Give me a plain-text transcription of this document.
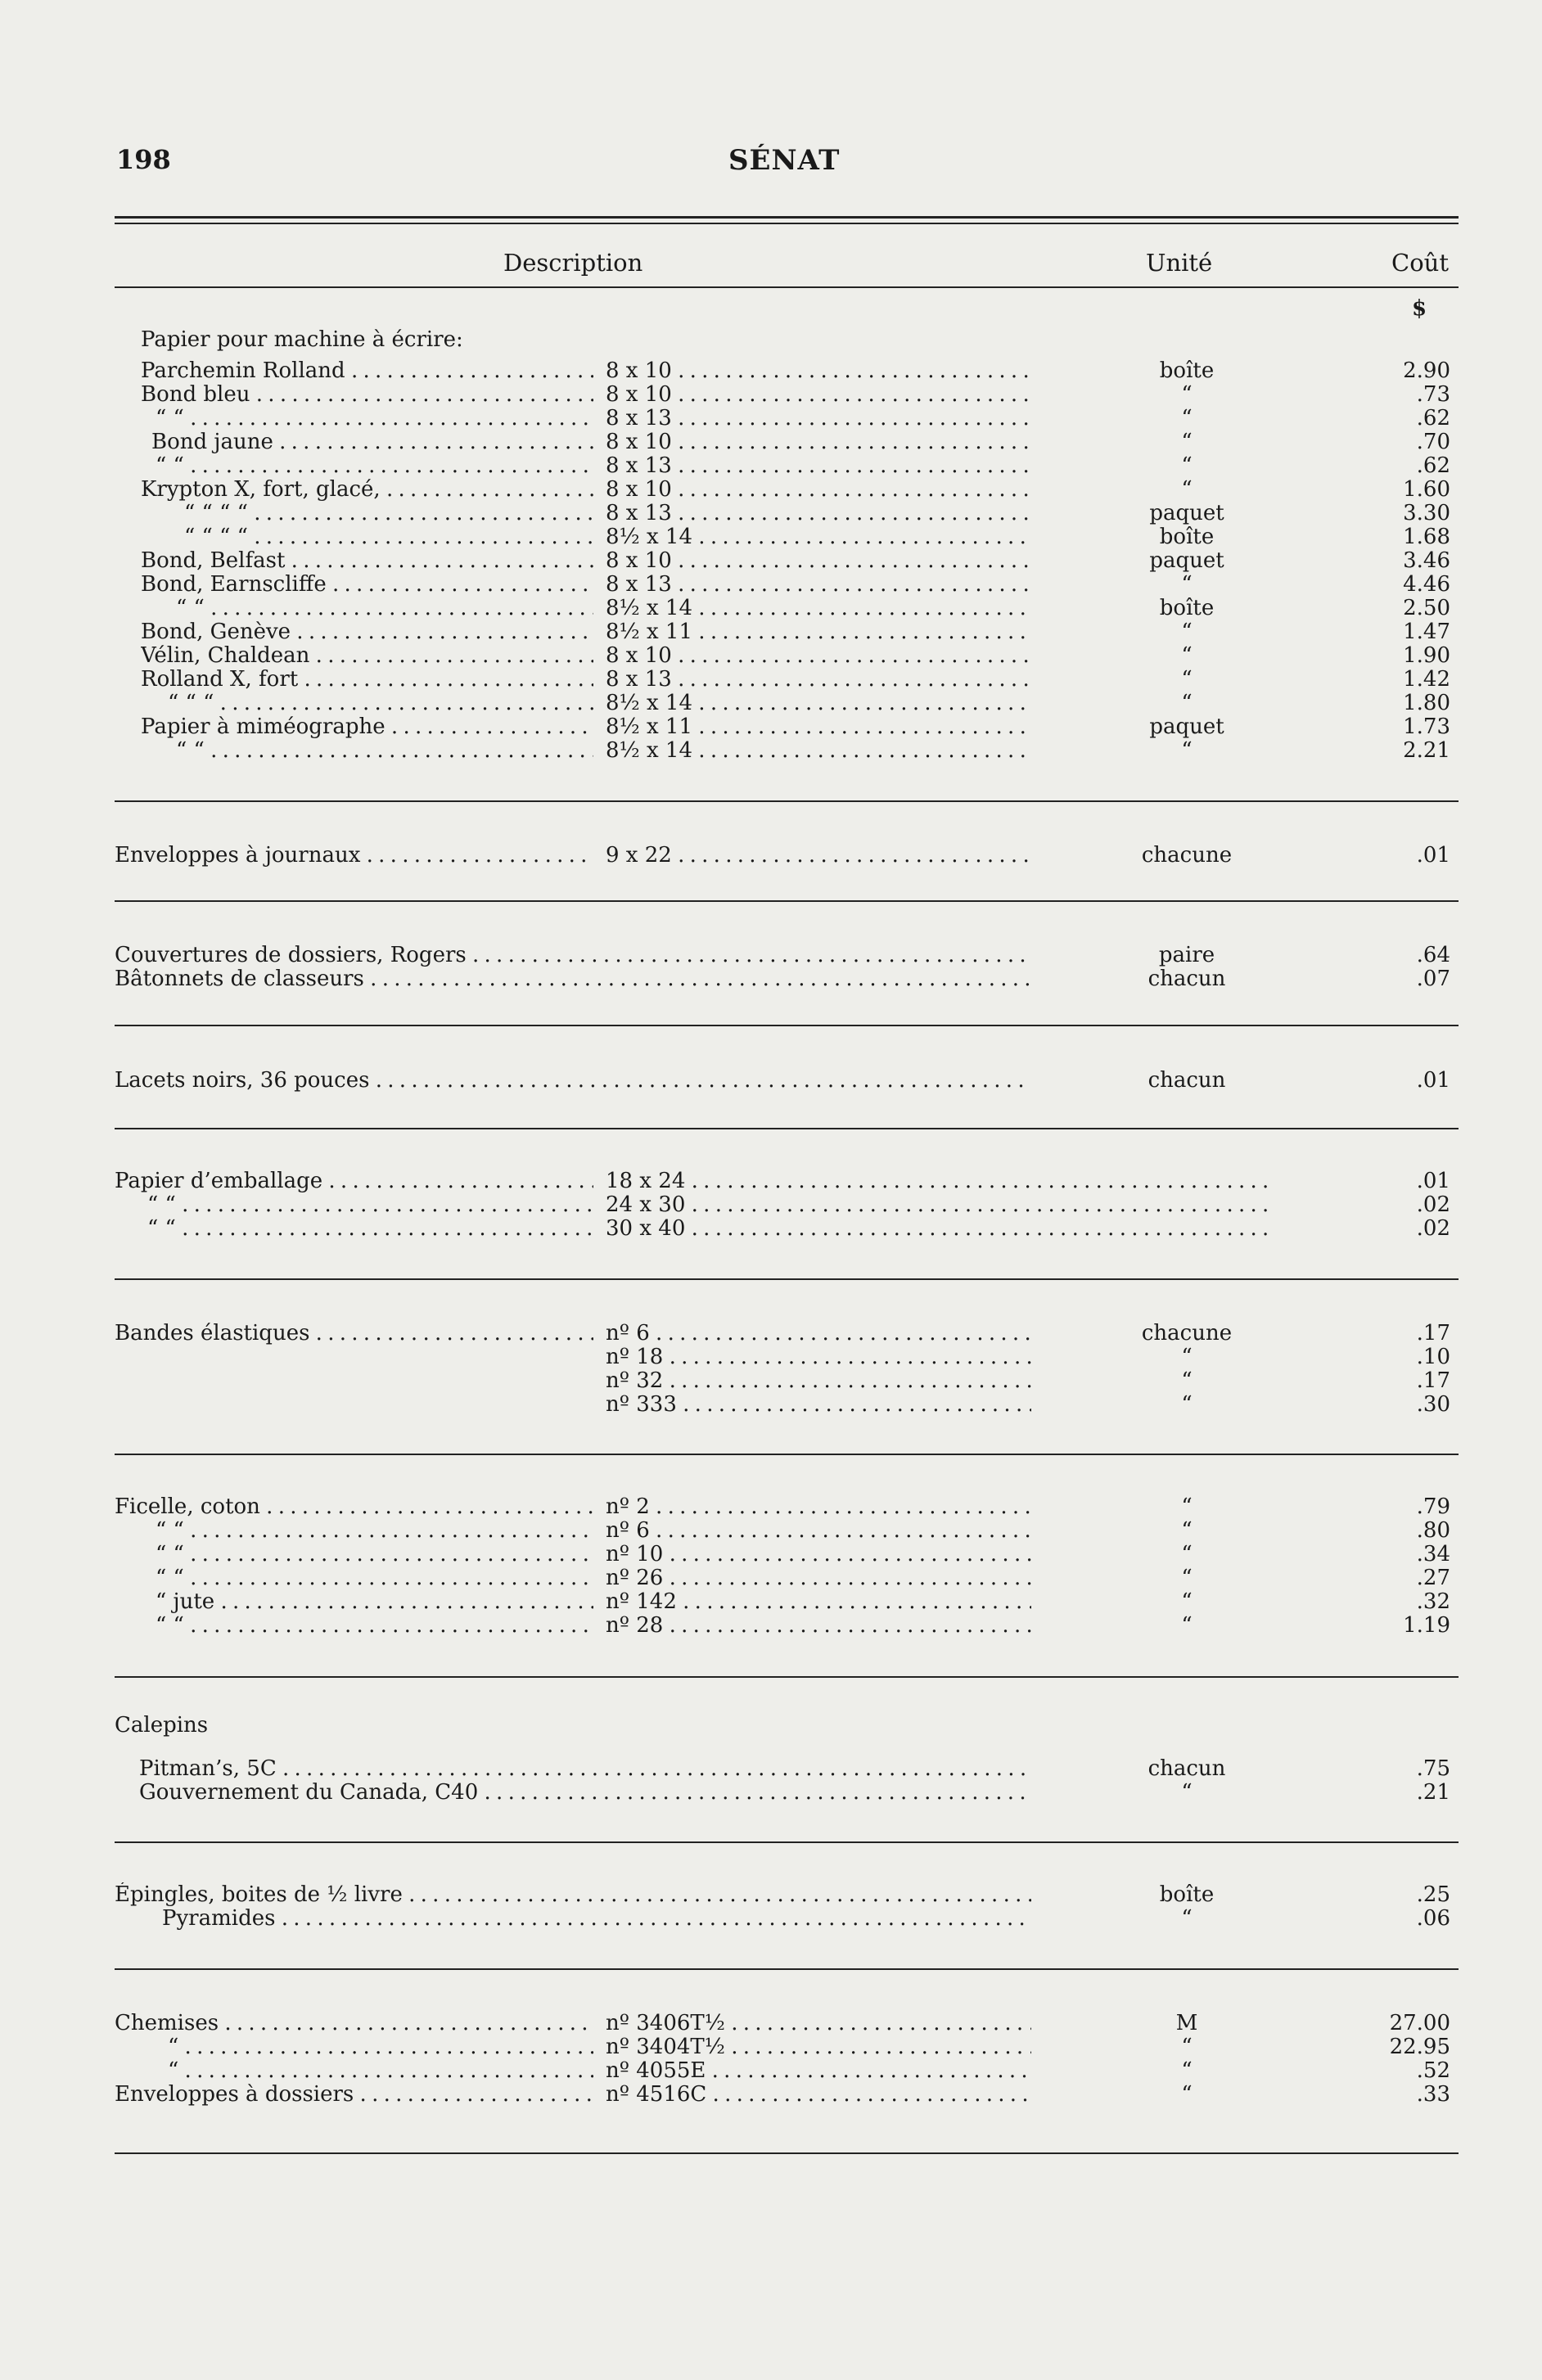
198	SÉNAT
Description	Unité	Coût
$
Papier pour machine à écrire:
Parchemin Rolland . . .	8 x 10 . . .	boîte	2.90
Bond bleu . . .	8 x 10 . . .	“	.73
“ “ . . .	8 x 13 . . .	“	.62
Bond jaune . . .	8 x 10 . . .	“	.70
“ “ . . .	8 x 13 . . .	“	.62
Krypton X, fort, glacé, . . .	8 x 10 . . .	“	1.60
“ “ “ “ . . .	8 x 13 . . .	paquet	3.30
“ “ “ “ . . .	8½ x 14 . . .	boîte	1.68
Bond, Belfast . . .	8 x 10 . . .	paquet	3.46
Bond, Earnscliffe . . .	8 x 13 . . .	“	4.46
“ “ . . .	8½ x 14 . . .	boîte	2.50
Bond, Genève . . .	8½ x 11 . . .	“	1.47
Vélin, Chaldean . . .	8 x 10 . . .	“	1.90
Rolland X, fort . . .	8 x 13 . . .	“	1.42
“ “ “ . . .	8½ x 14 . . .	“	1.80
Papier à miméographe . . .	8½ x 11 . . .	paquet	1.73
“ “ . . .	8½ x 14 . . .	“	2.21
Enveloppes à journaux . . .	9 x 22 . . .	chacune	.01
Couvertures de dossiers, Rogers . . .	paire	.64
Bâtonnets de classeurs . . .	chacun	.07
Lacets noirs, 36 pouces . . .	chacun	.01
Papier d’emballage . . .	18 x 24 . . .	.01
“ “ . . .	24 x 30 . . .	.02
“ “ . . .	30 x 40 . . .	.02
Bandes élastiques . . .	nº 6 . . .	chacune	.17
nº 18 . . .	“	.10
nº 32 . . .	“	.17
nº 333 . . .	“	.30
Ficelle, coton . . .	nº 2 . . .	“	.79
“ “ . . .	nº 6 . . .	“	.80
“ “ . . .	nº 10 . . .	“	.34
“ “ . . .	nº 26 . . .	“	.27
“ jute . . .	nº 142 . . .	“	.32
“ “ . . .	nº 28 . . .	“	1.19
Calepins
Pitman’s, 5C . . .	chacun	.75
Gouvernement du Canada, C40 . . .	“	.21
Épingles, boites de ½ livre . . .	boîte	.25
Pyramides . . .	“	.06
Chemises . . .	nº 3406T½ . . .	M	27.00
“ . . .	nº 3404T½ . . .	“	22.95
“ . . .	nº 4055E . . .	“	.52
Enveloppes à dossiers . . .	nº 4516C . . .	“	.33
